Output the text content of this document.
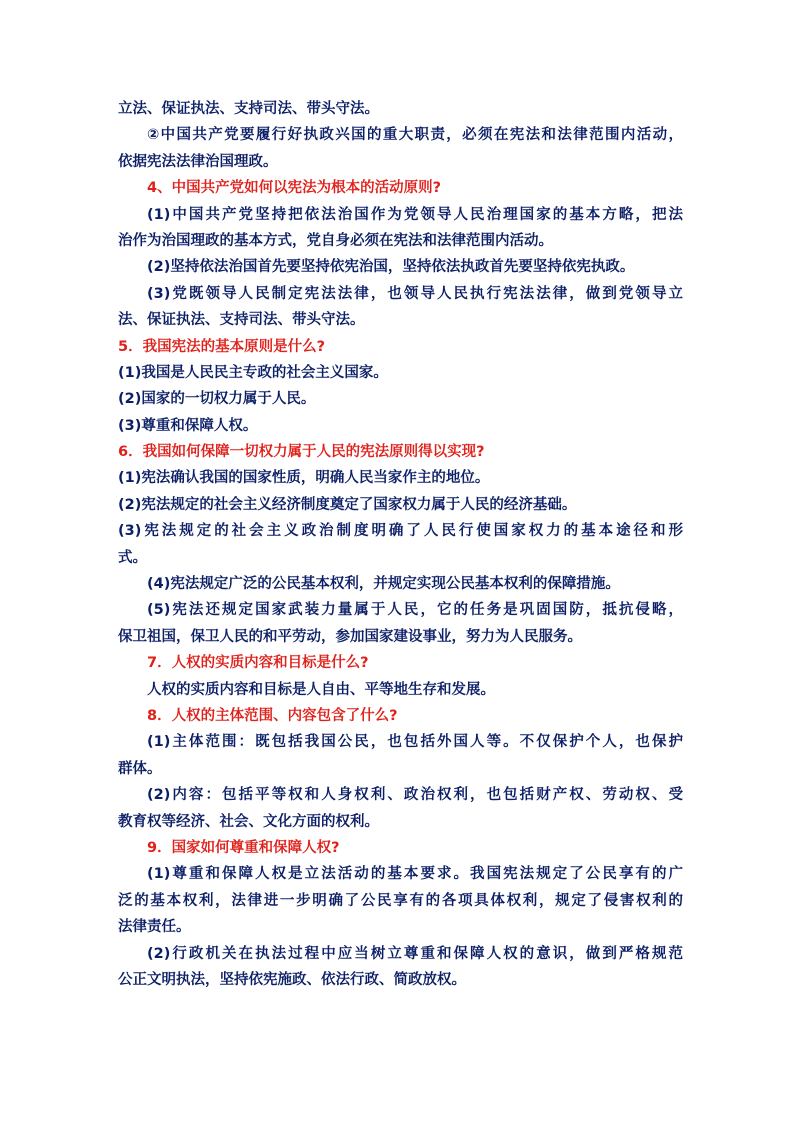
立法、保证执法、支持司法、带头守法。
②中国共产党要履行好执政兴国的重大职责，必须在宪法和法律范围内活动，
依据宪法法律治国理政。
4、中国共产党如何以宪法为根本的活动原则?
(1)中国共产党坚持把依法治国作为党领导人民治理国家的基本方略，把法
治作为治国理政的基本方式，党自身必须在宪法和法律范围内活动。
(2)坚持依法治国首先要坚持依宪治国，坚持依法执政首先要坚持依宪执政。
(3)党既领导人民制定宪法法律，也领导人民执行宪法法律，做到党领导立
法、保证执法、支持司法、带头守法。
5．我国宪法的基本原则是什么?
(1)我国是人民民主专政的社会主义国家。
(2)国家的一切权力属于人民。
(3)尊重和保障人权。
6．我国如何保障一切权力属于人民的宪法原则得以实现?
(1)宪法确认我国的国家性质，明确人民当家作主的地位。
(2)宪法规定的社会主义经济制度奠定了国家权力属于人民的经济基础。
(3)宪法规定的社会主义政治制度明确了人民行使国家权力的基本途径和形
式。
(4)宪法规定广泛的公民基本权利，并规定实现公民基本权利的保障措施。
(5)宪法还规定国家武装力量属于人民，它的任务是巩固国防，抵抗侵略，
保卫祖国，保卫人民的和平劳动，参加国家建设事业，努力为人民服务。
7．人权的实质内容和目标是什么?
人权的实质内容和目标是人自由、平等地生存和发展。
8．人权的主体范围、内容包含了什么?
(1)主体范围：既包括我国公民，也包括外国人等。不仅保护个人，也保护
群体。
(2)内容：包括平等权和人身权利、政治权利，也包括财产权、劳动权、受
教育权等经济、社会、文化方面的权利。
9．国家如何尊重和保障人权?
(1)尊重和保障人权是立法活动的基本要求。我国宪法规定了公民享有的广
泛的基本权利，法律进一步明确了公民享有的各项具体权利，规定了侵害权利的
法律责任。
(2)行政机关在执法过程中应当树立尊重和保障人权的意识，做到严格规范
公正文明执法，坚持依宪施政、依法行政、简政放权。
